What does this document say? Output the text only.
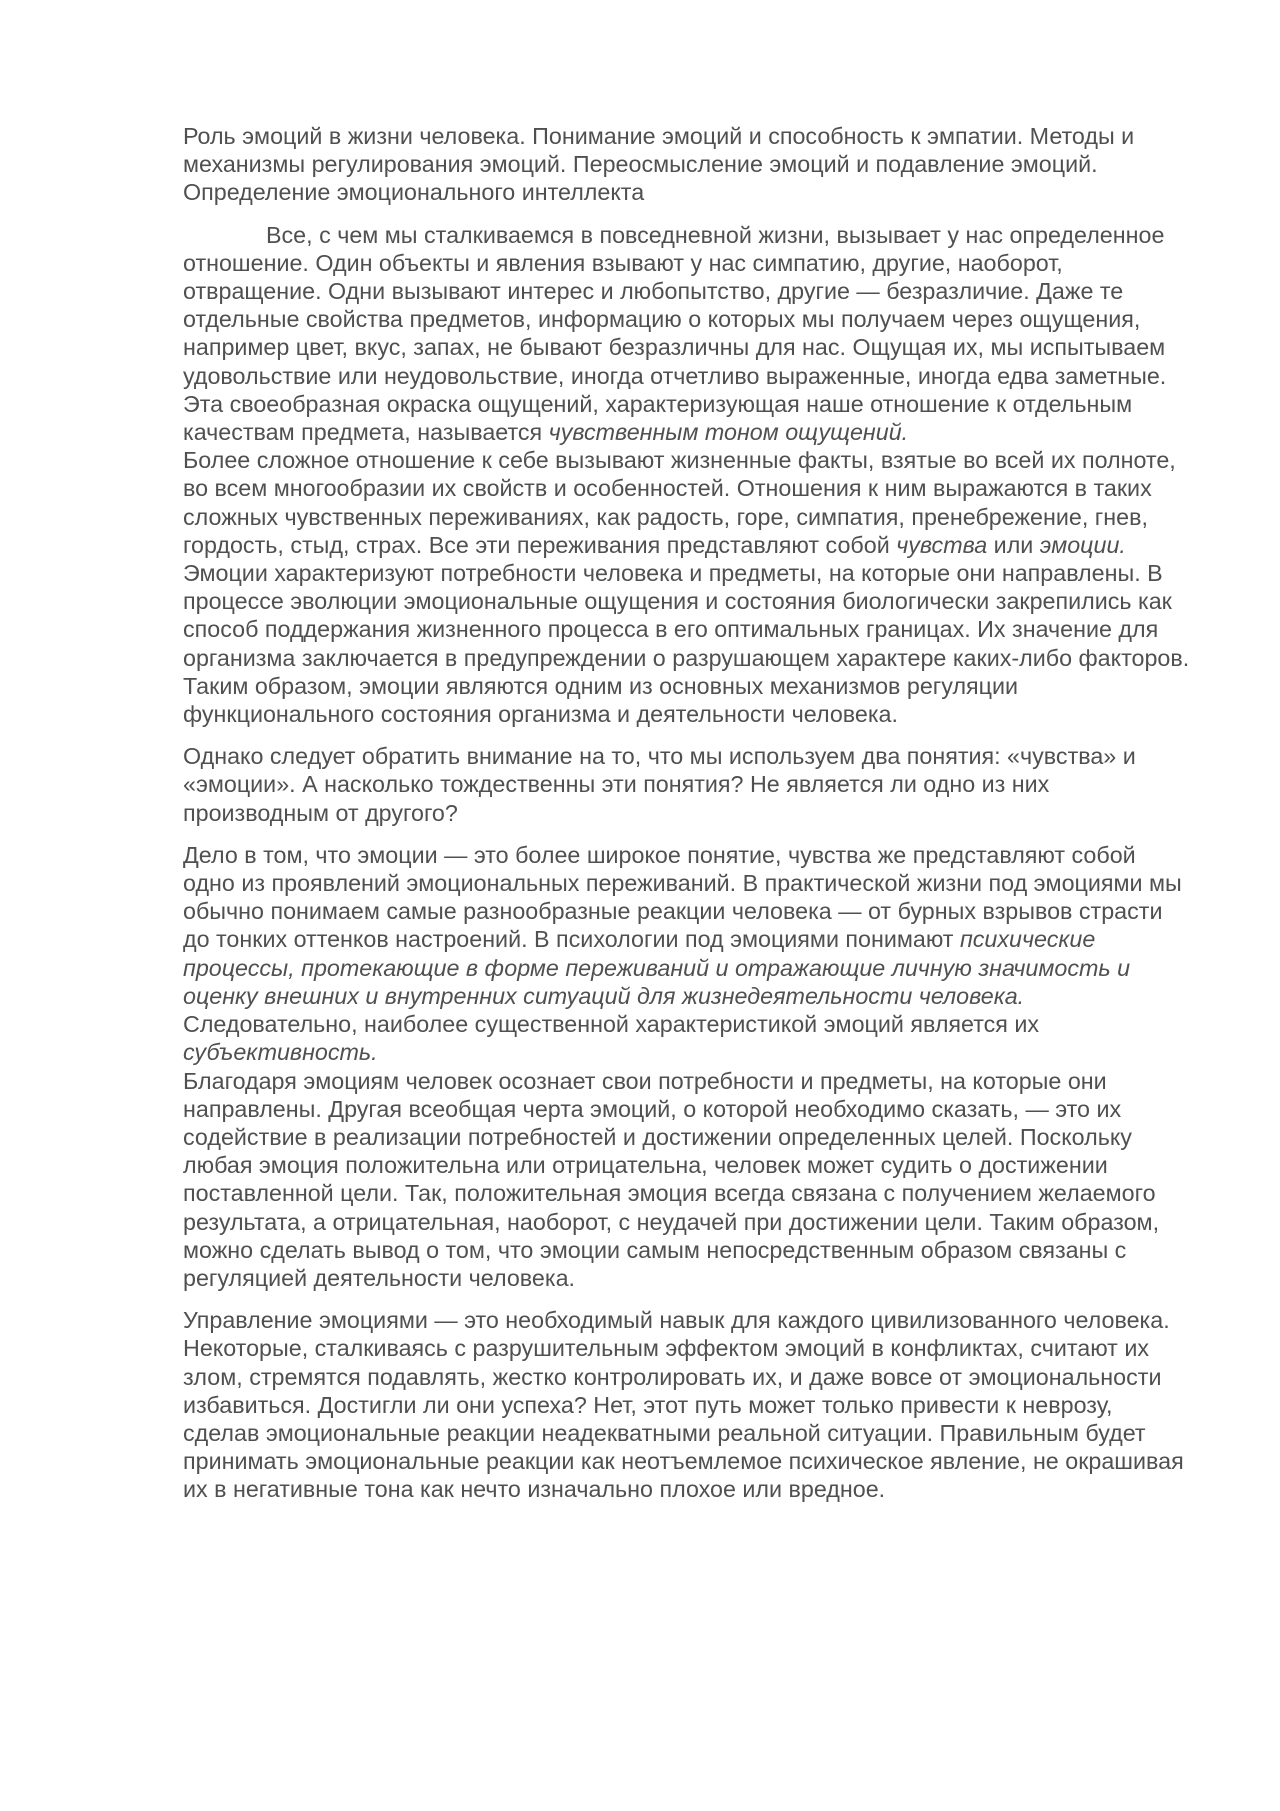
Роль эмоций в жизни человека. Понимание эмоций и способность к эмпатии. Методы и механизмы регулирования эмоций. Переосмысление эмоций и подавление эмоций. Определение эмоционального интеллекта

Все, с чем мы сталкиваемся в повседневной жизни, вызывает у нас определенное отношение. Один объекты и явления взывают у нас симпатию, другие, наоборот, отвращение. Одни вызывают интерес и любопытство, другие — безразличие. Даже те отдельные свойства предметов, информацию о которых мы получаем через ощущения, например цвет, вкус, запах, не бывают безразличны для нас. Ощущая их, мы испытываем удовольствие или неудовольствие, иногда отчетливо выраженные, иногда едва заметные. Эта своеобразная окраска ощущений, характеризующая наше отношение к отдельным качествам предмета, называется чувственным тоном ощущений.

Более сложное отношение к себе вызывают жизненные факты, взятые во всей их полноте, во всем многообразии их свойств и особенностей. Отношения к ним выражаются в таких сложных чувственных переживаниях, как радость, горе, симпатия, пренебрежение, гнев, гордость, стыд, страх. Все эти переживания представляют собой чувства или эмоции.

Эмоции характеризуют потребности человека и предметы, на которые они направлены. В процессе эволюции эмоциональные ощущения и состояния биологически закрепились как способ поддержания жизненного процесса в его оптимальных границах. Их значение для организма заключается в предупреждении о разрушающем характере каких-либо факторов. Таким образом, эмоции являются одним из основных механизмов регуляции функционального состояния организма и деятельности человека.

Однако следует обратить внимание на то, что мы используем два понятия: «чувства» и «эмоции». А насколько тождественны эти понятия? Не является ли одно из них производным от другого?

Дело в том, что эмоции — это более широкое понятие, чувства же представляют собой одно из проявлений эмоциональных переживаний. В практической жизни под эмоциями мы обычно понимаем самые разнообразные реакции человека — от бурных взрывов страсти до тонких оттенков настроений. В психологии под эмоциями понимают психические процессы, протекающие в форме переживаний и отражающие личную значимость и оценку внешних и внутренних ситуаций для жизнедеятельности человека. Следовательно, наиболее существенной характеристикой эмоций является их субъективность.

Благодаря эмоциям человек осознает свои потребности и предметы, на которые они направлены. Другая всеобщая черта эмоций, о которой необходимо сказать, — это их содействие в реализации потребностей и достижении определенных целей. Поскольку любая эмоция положительна или отрицательна, человек может судить о достижении поставленной цели. Так, положительная эмоция всегда связана с получением желаемого результата, а отрицательная, наоборот, с неудачей при достижении цели. Таким образом, можно сделать вывод о том, что эмоции самым непосредственным образом связаны с регуляцией деятельности человека.

Управление эмоциями — это необходимый навык для каждого цивилизованного человека. Некоторые, сталкиваясь с разрушительным эффектом эмоций в конфликтах, считают их злом, стремятся подавлять, жестко контролировать их, и даже вовсе от эмоциональности избавиться. Достигли ли они успеха? Нет, этот путь может только привести к неврозу, сделав эмоциональные реакции неадекватными реальной ситуации. Правильным будет принимать эмоциональные реакции как неотъемлемое психическое явление, не окрашивая их в негативные тона как нечто изначально плохое или вредное.
